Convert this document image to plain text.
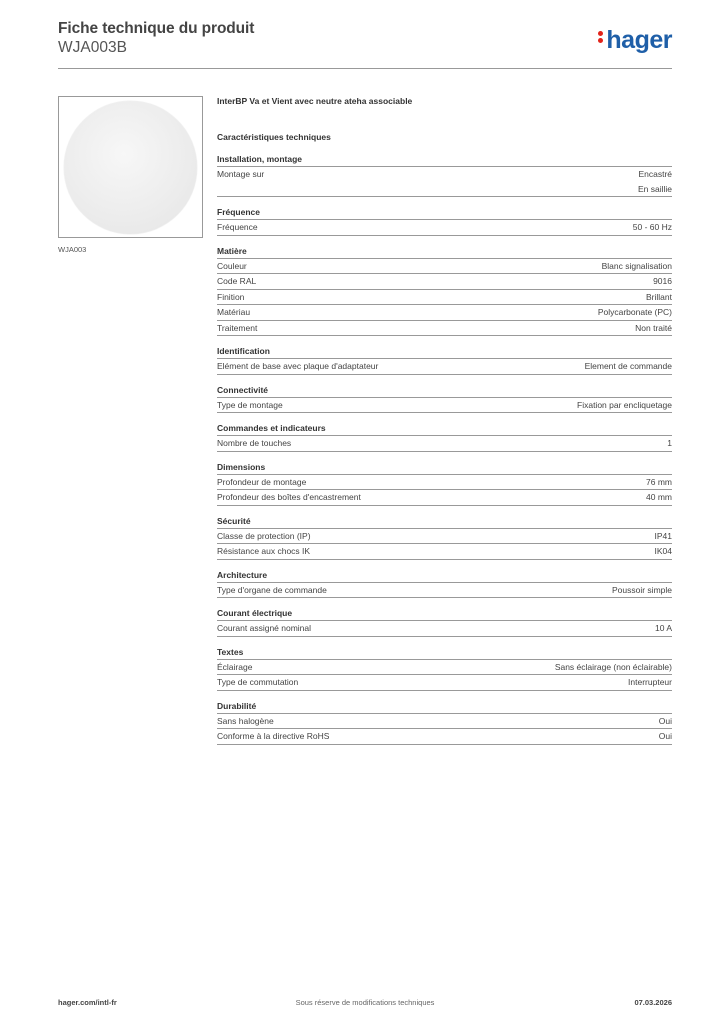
Fiche technique du produit
WJA003B	hager
WJA003
InterBP Va et Vient avec neutre ateha associable
Caractéristiques techniques
Installation, montage
Montage sur	Encastré
En saillie
Fréquence
Fréquence	50 - 60 Hz
Matière
Couleur	Blanc signalisation
Code RAL	9016
Finition	Brillant
Matériau	Polycarbonate (PC)
Traitement	Non traité
Identification
Elément de base avec plaque d'adaptateur	Element de commande
Connectivité
Type de montage	Fixation par encliquetage
Commandes et indicateurs
Nombre de touches	1
Dimensions
Profondeur de montage	76 mm
Profondeur des boîtes d'encastrement	40 mm
Sécurité
Classe de protection (IP)	IP41
Résistance aux chocs IK	IK04
Architecture
Type d'organe de commande	Poussoir simple
Courant électrique
Courant assigné nominal	10 A
Textes
Éclairage	Sans éclairage (non éclairable)
Type de commutation	Interrupteur
Durabilité
Sans halogène	Oui
Conforme à la directive RoHS	Oui
hager.com/intl-fr	Sous réserve de modifications techniques	07.03.2026
